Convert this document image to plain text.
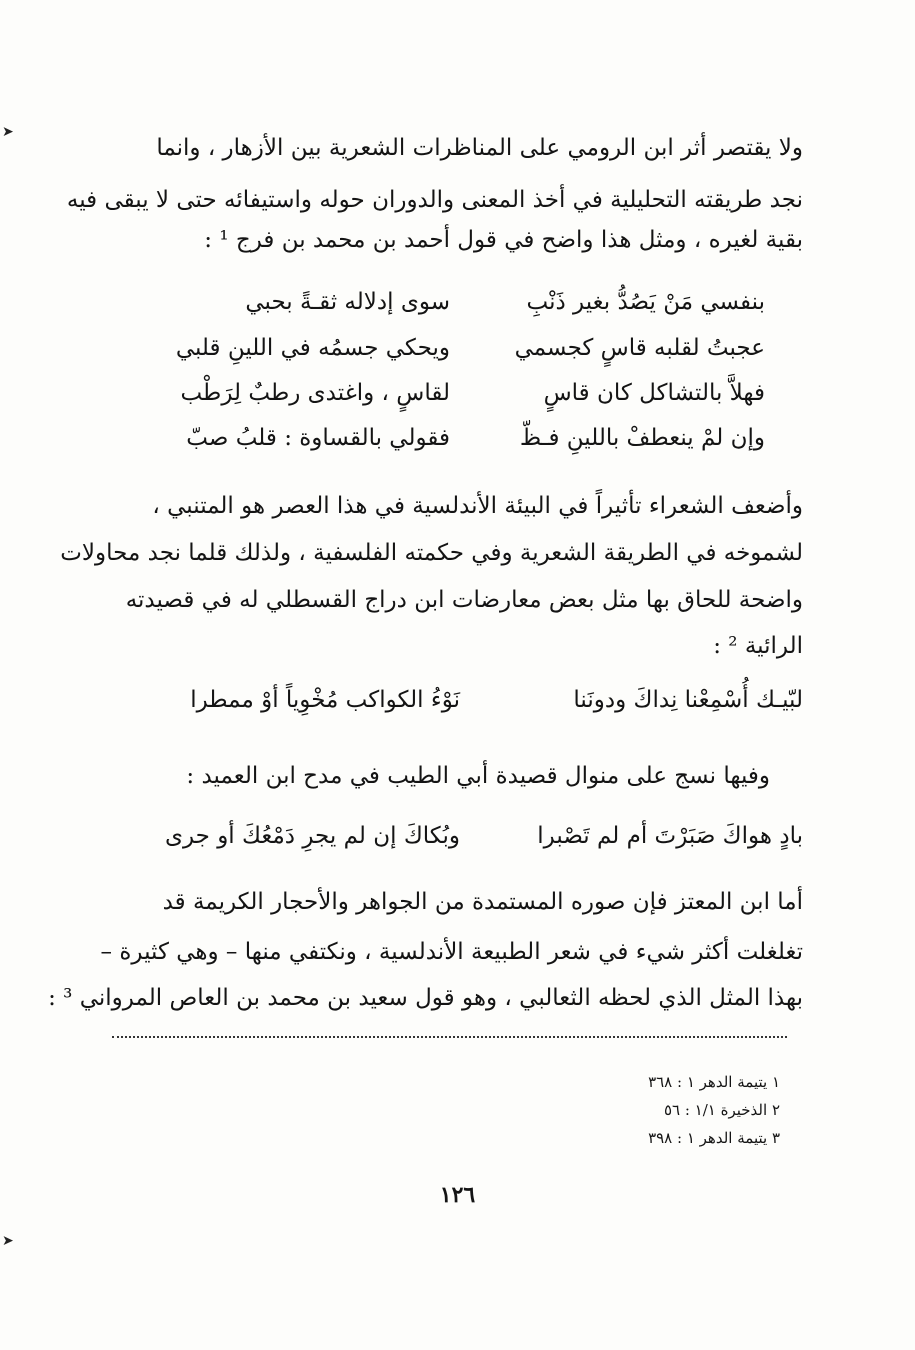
➤
➤
ولا يقتصر أثر ابن الرومي على المناظرات الشعرية بين الأزهار ، وانما
نجد طريقته التحليلية في أخذ المعنى والدوران حوله واستيفائه حتى لا يبقى فيه
بقية لغيره ، ومثل هذا واضح في قول أحمد بن محمد بن فرج ¹ :
بنفسي مَنْ يَصُدُّ بغير ذَنْبِ
سوى إدلاله ثقـةً بحبي
عجبتُ لقلبه قاسٍ كجسمي
ويحكي جسمُه في اللينِ قلبي
فهلاَّ بالتشاكل كان قاسٍ
لقاسٍ ، واغتدى رطبٌ لِرَطْب
وإن لمْ ينعطفْ باللينِ فـظّ
فقولي بالقساوة : قلبُ صبّ
وأضعف الشعراء تأثيراً في البيئة الأندلسية في هذا العصر هو المتنبي ،
لشموخه في الطريقة الشعرية وفي حكمته الفلسفية ، ولذلك قلما نجد محاولات
واضحة للحاق بها مثل بعض معارضات ابن دراج القسطلي له في قصيدته
الرائية ² :
لبّيـك أُسْمِعْنا نِداكَ ودونَنا
نَوْءُ الكواكب مُخْوِياً أوْ ممطرا
وفيها نسج على منوال قصيدة أبي الطيب في مدح ابن العميد :
بادٍ هواكَ صَبَرْتَ أم لم تَصْبرا
وبُكاكَ إن لم يجرِ دَمْعُكَ أو جرى
أما ابن المعتز فإن صوره المستمدة من الجواهر والأحجار الكريمة قد
تغلغلت أكثر شيء في شعر الطبيعة الأندلسية ، ونكتفي منها – وهي كثيرة –
بهذا المثل الذي لحظه الثعالبي ، وهو قول سعيد بن محمد بن العاص المرواني ³ :
١ يتيمة الدهر ١ : ٣٦٨
٢ الذخيرة ١/١ : ٥٦
٣ يتيمة الدهر ١ : ٣٩٨
١٢٦
